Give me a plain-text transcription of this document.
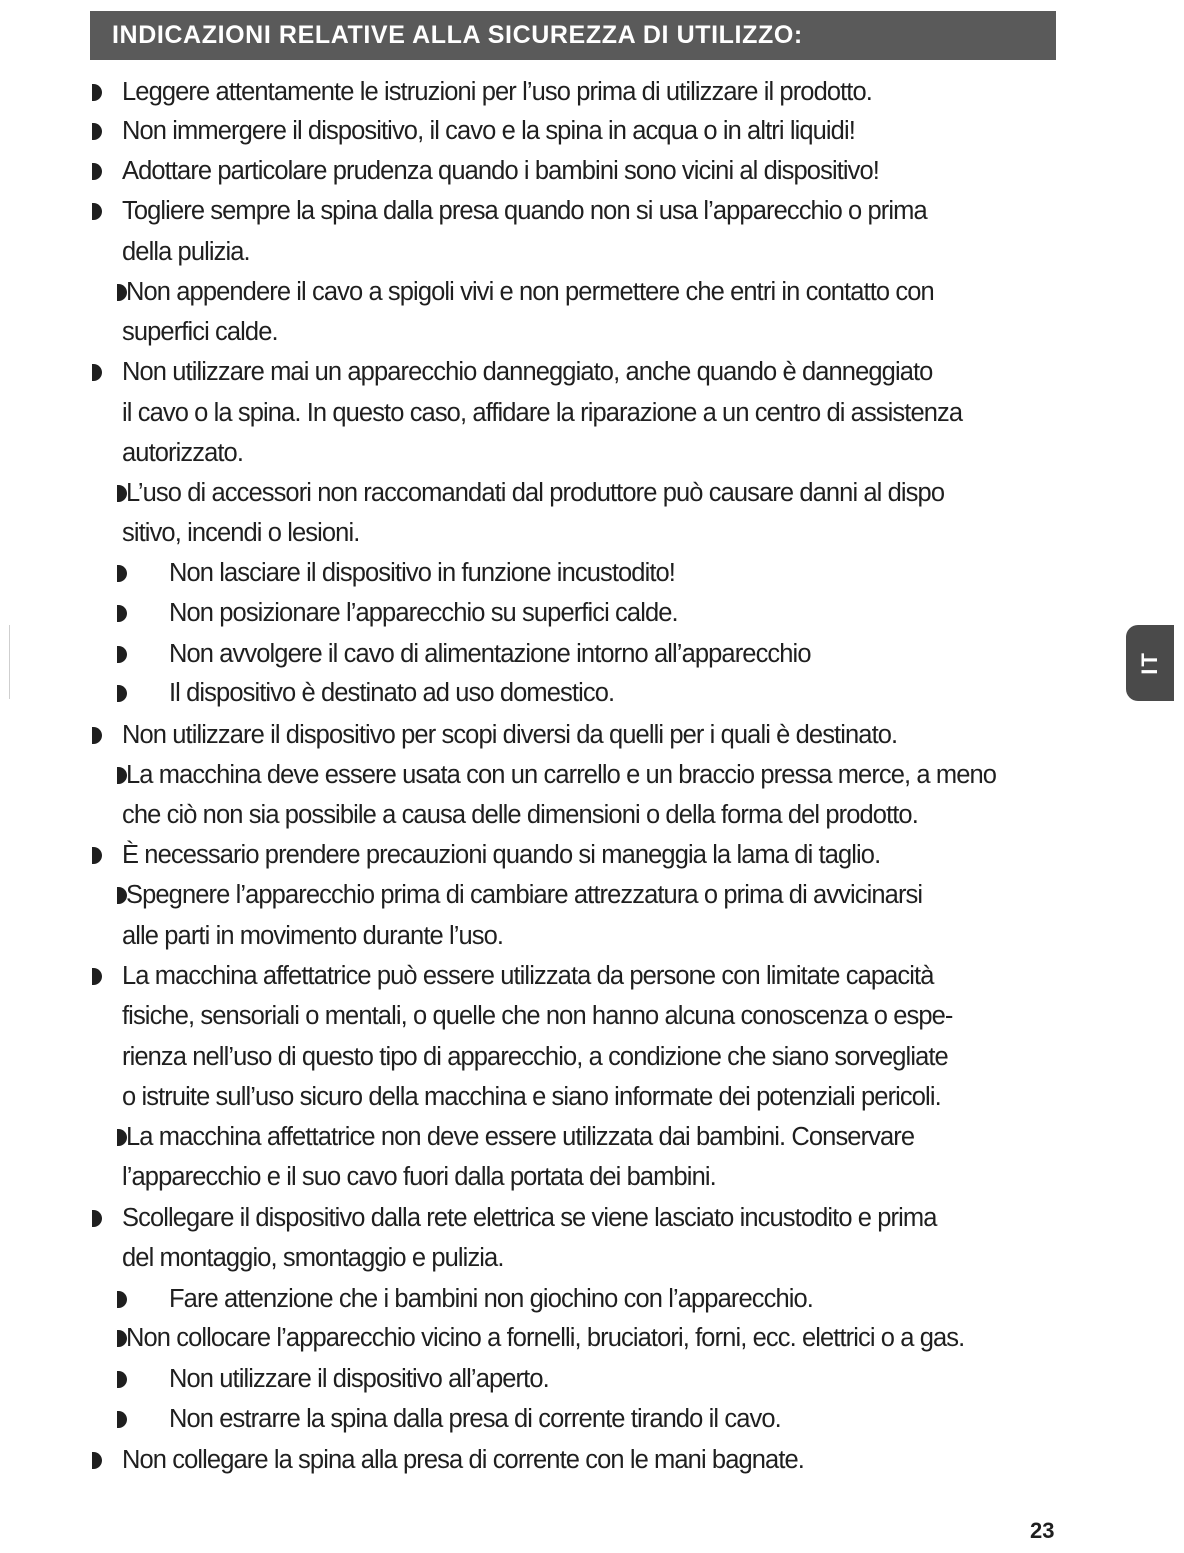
INDICAZIONI RELATIVE ALLA SICUREZZA DI UTILIZZO:
Leggere attentamente le istruzioni per l’uso prima di utilizzare il prodotto.
Non immergere il dispositivo, il cavo e la spina in acqua o in altri liquidi!
Adottare particolare prudenza quando i bambini sono vicini al dispositivo!
Togliere sempre la spina dalla presa quando non si usa l’apparecchio o prima
della pulizia.
Non appendere il cavo a spigoli vivi e non permettere che entri in contatto con
superfici calde.
Non utilizzare mai un apparecchio danneggiato, anche quando è danneggiato
il cavo o la spina. In questo caso, affidare la riparazione a un centro di assistenza
autorizzato.
L’uso di accessori non raccomandati dal produttore può causare danni al dispo
sitivo, incendi o lesioni.
Non lasciare il dispositivo in funzione incustodito!
Non posizionare l’apparecchio su superfici calde.
Non avvolgere il cavo di alimentazione intorno all’apparecchio
Il dispositivo è destinato ad uso domestico.
Non utilizzare il dispositivo per scopi diversi da quelli per i quali è destinato.
La macchina deve essere usata con un carrello e un braccio pressa merce, a meno
che ciò non sia possibile a causa delle dimensioni o della forma del prodotto.
È necessario prendere precauzioni quando si maneggia la lama di taglio.
Spegnere l’apparecchio prima di cambiare attrezzatura o prima di avvicinarsi
alle parti in movimento durante l’uso.
La macchina affettatrice può essere utilizzata da persone con limitate capacità
fisiche, sensoriali o mentali, o quelle che non hanno alcuna conoscenza o espe-
rienza nell’uso di questo tipo di apparecchio, a condizione che siano sorvegliate
o istruite sull’uso sicuro della macchina e siano informate dei potenziali pericoli.
La macchina affettatrice non deve essere utilizzata dai bambini. Conservare
l’apparecchio e il suo cavo fuori dalla portata dei bambini.
Scollegare il dispositivo dalla rete elettrica se viene lasciato incustodito e prima
del montaggio, smontaggio e pulizia.
Fare attenzione che i bambini non giochino con l’apparecchio.
Non collocare l’apparecchio vicino a fornelli, bruciatori, forni, ecc. elettrici o a gas.
Non utilizzare il dispositivo all’aperto.
Non estrarre la spina dalla presa di corrente tirando il cavo.
Non collegare la spina alla presa di corrente con le mani bagnate.
IT
23
